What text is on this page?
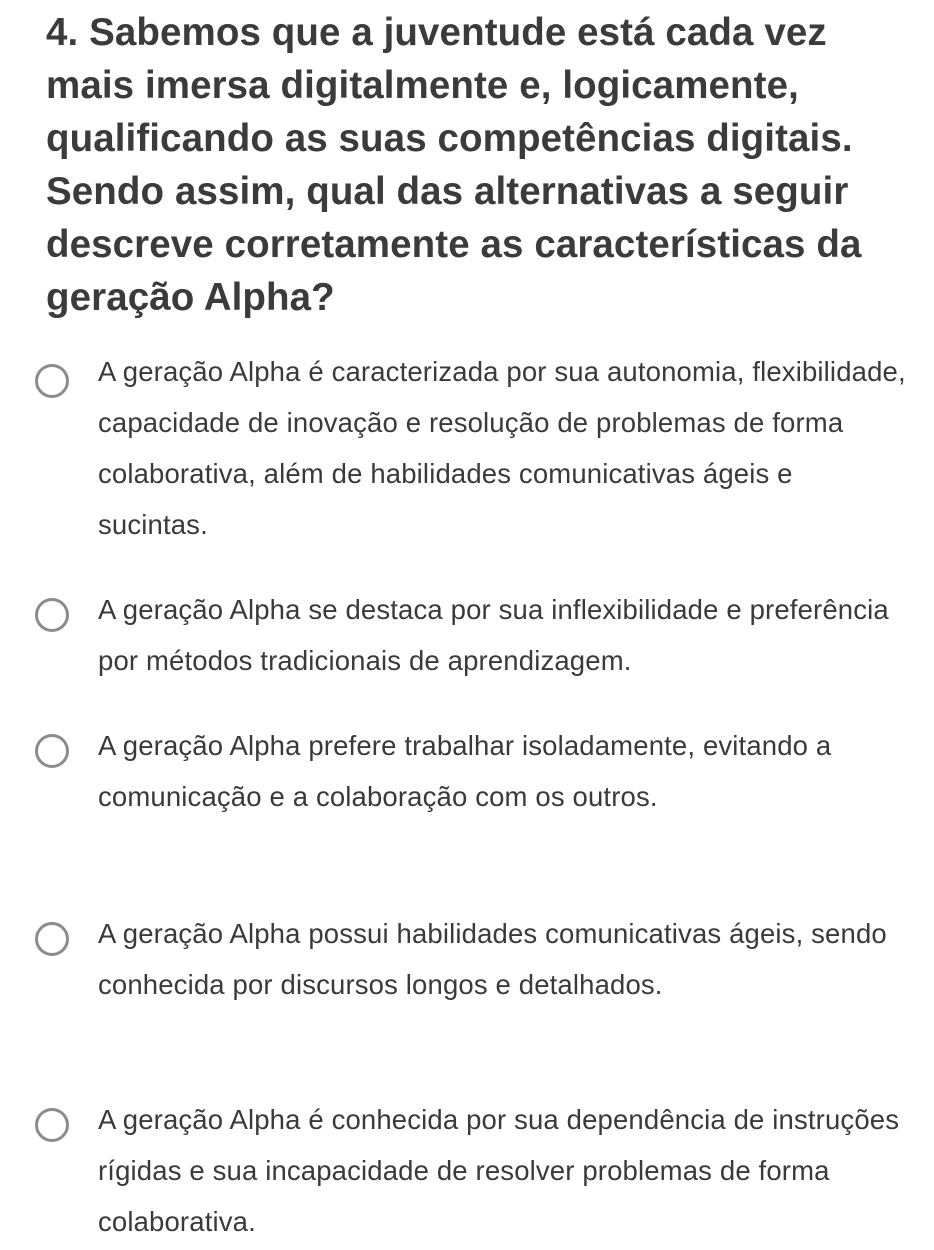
4. Sabemos que a juventude está cada vez mais imersa digitalmente e, logicamente, qualificando as suas competências digitais. Sendo assim, qual das alternativas a seguir descreve corretamente as características da geração Alpha?

A geração Alpha é caracterizada por sua autonomia, flexibilidade, capacidade de inovação e resolução de problemas de forma colaborativa, além de habilidades comunicativas ágeis e sucintas.
A geração Alpha se destaca por sua inflexibilidade e preferência por métodos tradicionais de aprendizagem.
A geração Alpha prefere trabalhar isoladamente, evitando a comunicação e a colaboração com os outros.
A geração Alpha possui habilidades comunicativas ágeis, sendo conhecida por discursos longos e detalhados.
A geração Alpha é conhecida por sua dependência de instruções rígidas e sua incapacidade de resolver problemas de forma colaborativa.
